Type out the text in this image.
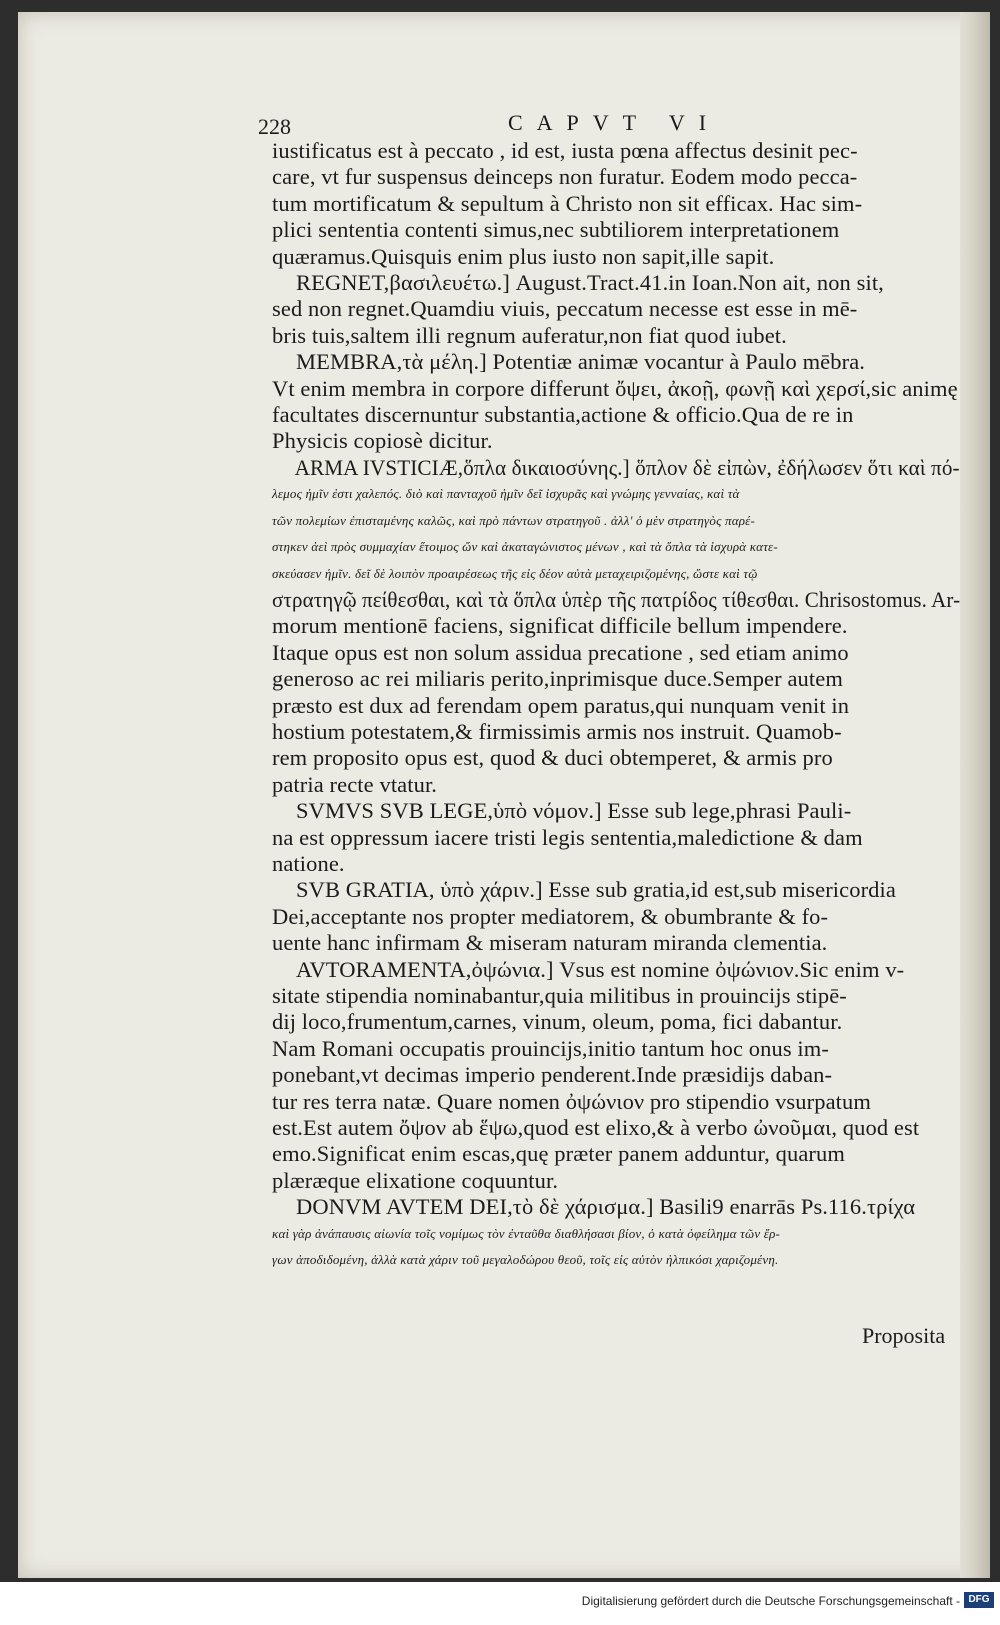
228	CAPVT VI
iustificatus est à peccato , id est, iusta pœna affectus desinit pec-
care, vt fur suspensus deinceps non furatur. Eodem modo pecca-
tum mortificatum & sepultum à Christo non sit efficax. Hac sim-
plici sententia contenti simus,nec subtiliorem interpretationem
quæramus.Quisquis enim plus iusto non sapit,ille sapit.
REGNET,βασιλευέτω.] August.Tract.41.in Ioan.Non ait, non sit,
sed non regnet.Quamdiu viuis, peccatum necesse est esse in mē-
bris tuis,saltem illi regnum auferatur,non fiat quod iubet.
MEMBRA,τὰ μέλη.] Potentiæ animæ vocantur à Paulo mēbra.
Vt enim membra in corpore differunt ὄψει, ἀκοῇ, φωνῇ καὶ χερσί,sic animę
facultates discernuntur substantia,actione & officio.Qua de re in
Physicis copiosè dicitur.
ARMA IVSTICIÆ,ὅπλα δικαιοσύνης.] ὅπλον δὲ εἰπὼν, ἐδήλωσεν ὅτι καὶ πό-
λεμος ἡμῖν ἐστι χαλεπός. διὸ καὶ πανταχοῦ ἡμῖν δεῖ ἰσχυρᾶς καὶ γνώμης γενναίας, καὶ τὰ
τῶν πολεμίων ἐπισταμένης καλῶς, καὶ πρὸ πάντων στρατηγοῦ . ἀλλ' ὁ μὲν στρατηγὸς παρέ-
στηκεν ἀεὶ πρὸς συμμαχίαν ἕτοιμος ὤν καὶ ἀκαταγώνιστος μένων , καὶ τὰ ὅπλα τὰ ἰσχυρὰ κατε-
σκεύασεν ἡμῖν. δεῖ δὲ λοιπὸν προαιρέσεως τῆς εἰς δέον αὐτὰ μεταχειριζομένης, ὥστε καὶ τῷ
στρατηγῷ πείθεσθαι, καὶ τὰ ὅπλα ὑπὲρ τῆς πατρίδος τίθεσθαι. Chrisostomus. Ar-
morum mentionē faciens, significat difficile bellum impendere.
Itaque opus est non solum assidua precatione , sed etiam animo
generoso ac rei miliaris perito,inprimisque duce.Semper autem
præsto est dux ad ferendam opem paratus,qui nunquam venit in
hostium potestatem,& firmissimis armis nos instruit. Quamob-
rem proposito opus est, quod & duci obtemperet, & armis pro
patria recte vtatur.
SVMVS SVB LEGE,ὑπὸ νόμον.] Esse sub lege,phrasi Pauli-
na est oppressum iacere tristi legis sententia,maledictione & dam
natione.
SVB GRATIA, ὑπὸ χάριν.] Esse sub gratia,id est,sub misericordia
Dei,acceptante nos propter mediatorem, & obumbrante & fo-
uente hanc infirmam & miseram naturam miranda clementia.
AVTORAMENTA,ὀψώνια.] Vsus est nomine ὀψώνιον.Sic enim v-
sitate stipendia nominabantur,quia militibus in prouincijs stipē-
dij loco,frumentum,carnes, vinum, oleum, poma, fici dabantur.
Nam Romani occupatis prouincijs,initio tantum hoc onus im-
ponebant,vt decimas imperio penderent.Inde præsidijs daban-
tur res terra natæ. Quare nomen ὀψώνιον pro stipendio vsurpatum
est.Est autem ὄψον ab ἕψω,quod est elixo,& à verbo ὠνοῦμαι, quod est
emo.Significat enim escas,quę præter panem adduntur, quarum
plæræque elixatione coquuntur.
DONVM AVTEM DEI,τὸ δὲ χάρισμα.] Basili9 enarrās Ps.116.τρίχα
καὶ γὰρ ἀνάπαυσις αἰωνία τοῖς νομίμως τὸν ἐνταῦθα διαθλήσασι βίον, ὁ κατὰ ὀφείλημα τῶν ἔρ-
γων ἀποδιδομένη, ἀλλὰ κατὰ χάριν τοῦ μεγαλοδώρου θεοῦ, τοῖς εἰς αὐτὸν ἠλπικόσι χαριζομένη.
Proposita
Digitalisierung gefördert durch die Deutsche Forschungsgemeinschaft - DFG
